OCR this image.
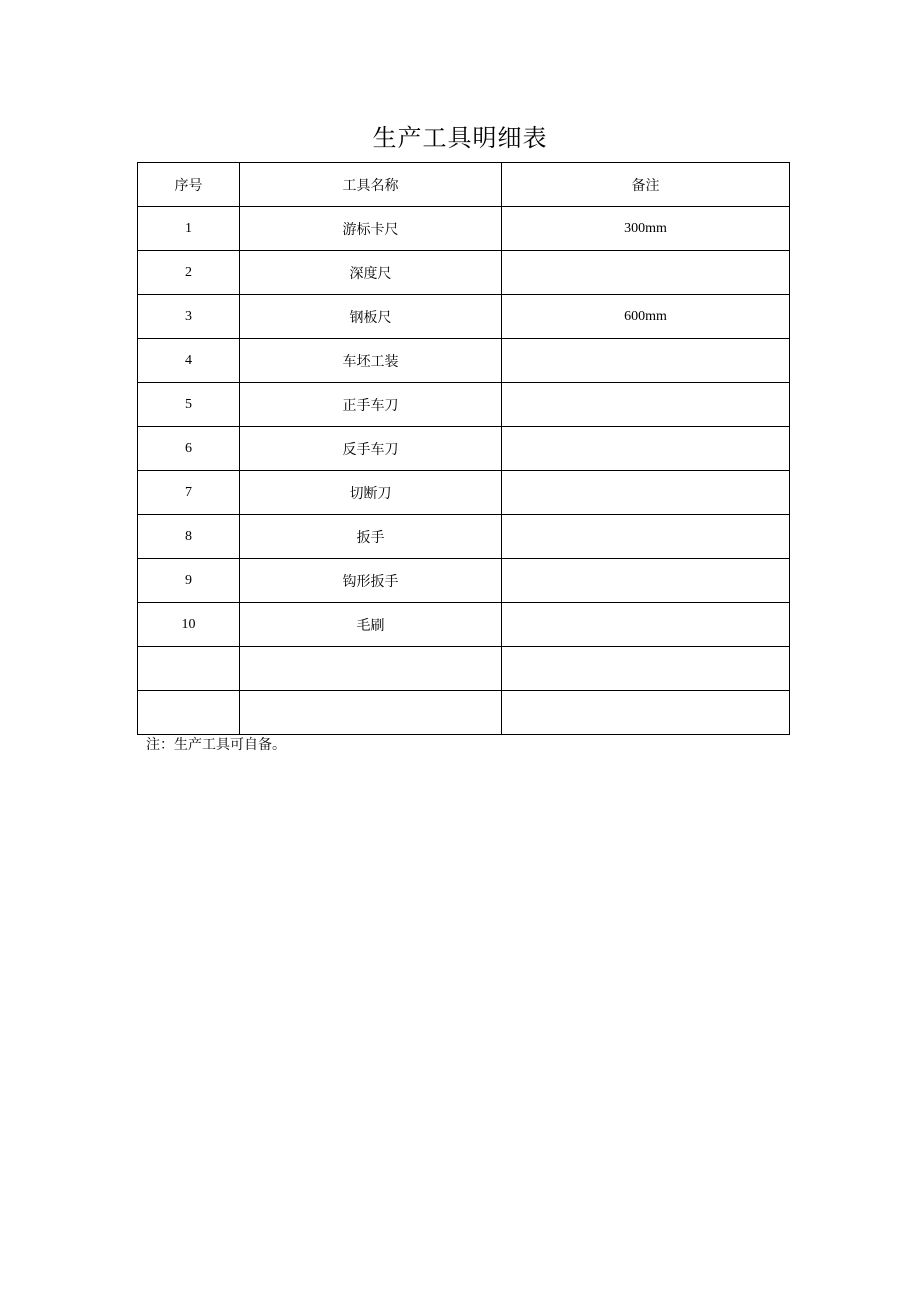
生产工具明细表
序号	工具名称	备注
1	游标卡尺	300mm
2	深度尺	
3	钢板尺	600mm
4	车坯工装	
5	正手车刀	
6	反手车刀	
7	切断刀	
8	扳手	
9	钩形扳手	
10	毛刷	

注：生产工具可自备。
